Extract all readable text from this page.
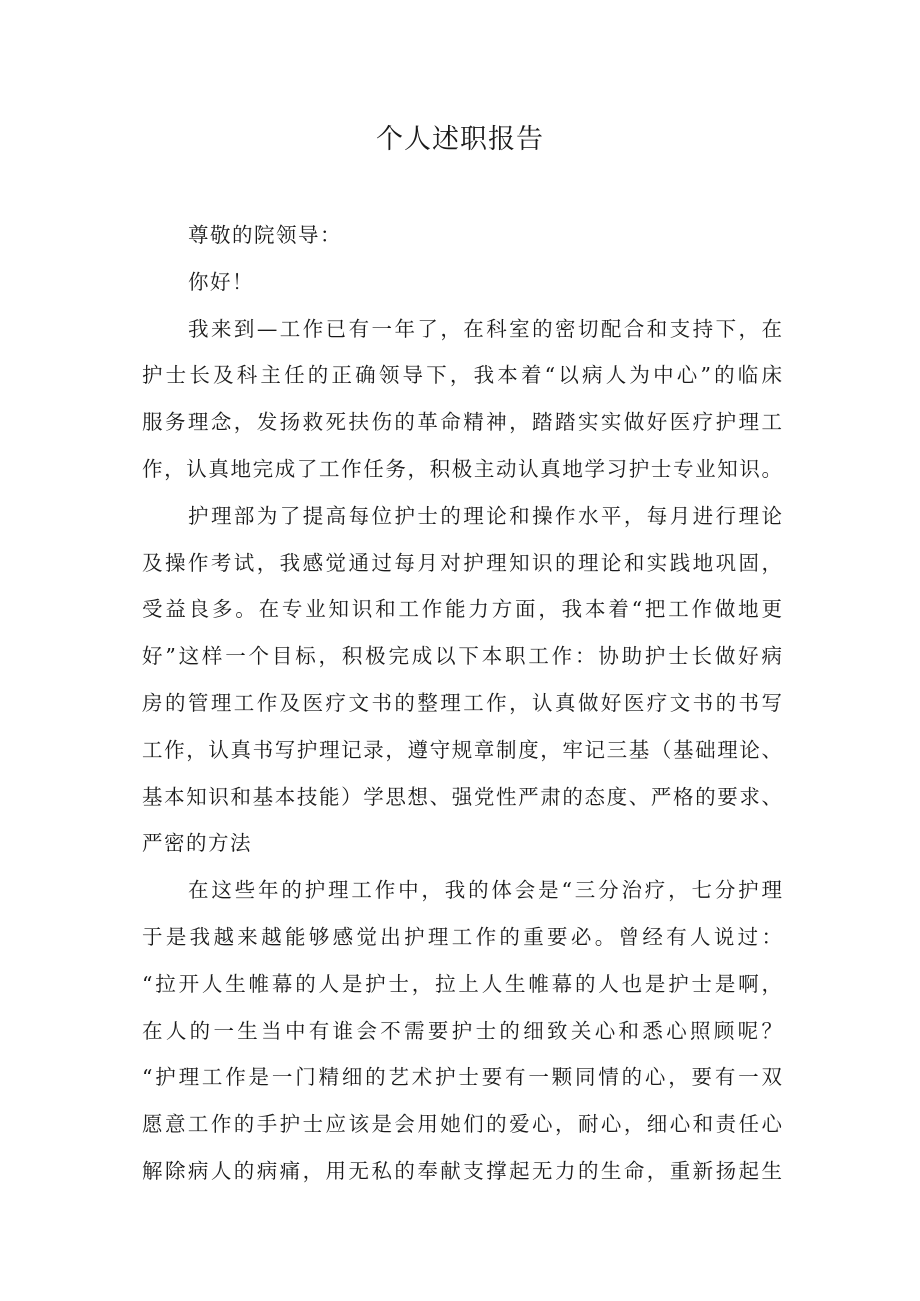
个人述职报告
尊敬的院领导：
你好！
我来到—工作已有一年了，在科室的密切配合和支持下，在
护士长及科主任的正确领导下，我本着“以病人为中心”的临床
服务理念，发扬救死扶伤的革命精神，踏踏实实做好医疗护理工
作，认真地完成了工作任务，积极主动认真地学习护士专业知识。
护理部为了提高每位护士的理论和操作水平，每月进行理论
及操作考试，我感觉通过每月对护理知识的理论和实践地巩固，
受益良多。在专业知识和工作能力方面，我本着“把工作做地更
好”这样一个目标，积极完成以下本职工作：协助护士长做好病
房的管理工作及医疗文书的整理工作，认真做好医疗文书的书写
工作，认真书写护理记录，遵守规章制度，牢记三基（基础理论、
基本知识和基本技能）学思想、强党性严肃的态度、严格的要求、
严密的方法
在这些年的护理工作中，我的体会是“三分治疗，七分护理
于是我越来越能够感觉出护理工作的重要必。曾经有人说过：
“拉开人生帷幕的人是护士，拉上人生帷幕的人也是护士是啊，
在人的一生当中有谁会不需要护士的细致关心和悉心照顾呢？
“护理工作是一门精细的艺术护士要有一颗同情的心，要有一双
愿意工作的手护士应该是会用她们的爱心，耐心，细心和责任心
解除病人的病痛，用无私的奉献支撑起无力的生命，重新扬起生
